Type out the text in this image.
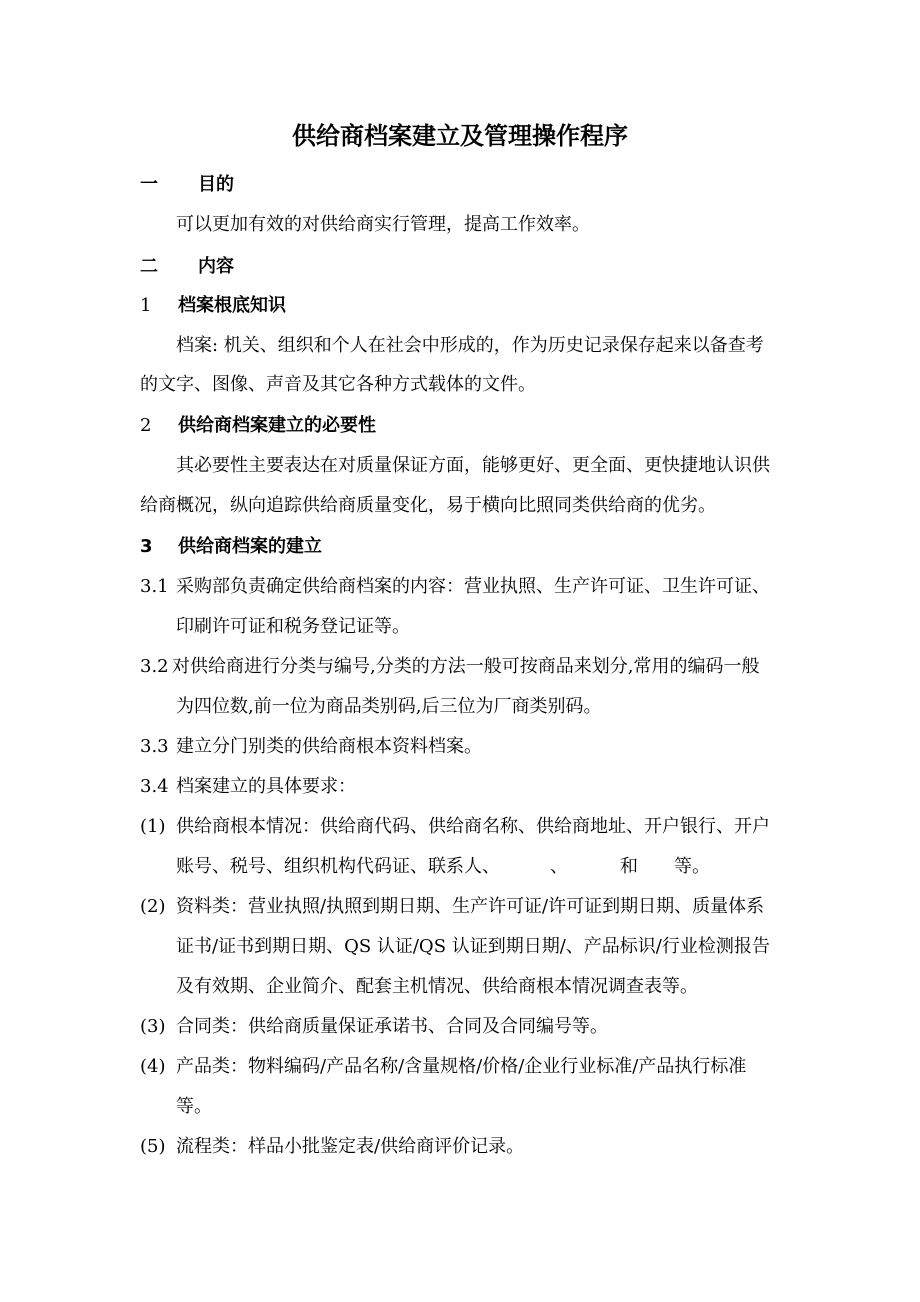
供给商档案建立及管理操作程序
一 目的
可以更加有效的对供给商实行管理，提高工作效率。
二 内容
1 档案根底知识
档案: 机关、组织和个人在社会中形成的，作为历史记录保存起来以备查考
的文字、图像、声音及其它各种方式载体的文件。
2 供给商档案建立的必要性
其必要性主要表达在对质量保证方面，能够更好、更全面、更快捷地认识供
给商概况，纵向追踪供给商质量变化，易于横向比照同类供给商的优劣。
3 供给商档案的建立
3.1 采购部负责确定供给商档案的内容：营业执照、生产许可证、卫生许可证、
印刷许可证和税务登记证等。
3.2 对供给商进行分类与编号,分类的方法一般可按商品来划分,常用的编码一般
为四位数,前一位为商品类别码,后三位为厂商类别码。
3.3 建立分门别类的供给商根本资料档案。
3.4 档案建立的具体要求：
(1) 供给商根本情况：供给商代码、供给商名称、供给商地址、开户银行、开户
账号、税号、组织机构代码证、联系人、	、	和 等。
(2) 资料类：营业执照/执照到期日期、生产许可证/许可证到期日期、质量体系
证书/证书到期日期、QS 认证/QS 认证到期日期/、产品标识/行业检测报告
及有效期、企业简介、配套主机情况、供给商根本情况调查表等。
(3) 合同类：供给商质量保证承诺书、合同及合同编号等。
(4) 产品类：物料编码/产品名称/含量规格/价格/企业行业标准/产品执行标准
等。
(5) 流程类：样品小批鉴定表/供给商评价记录。
